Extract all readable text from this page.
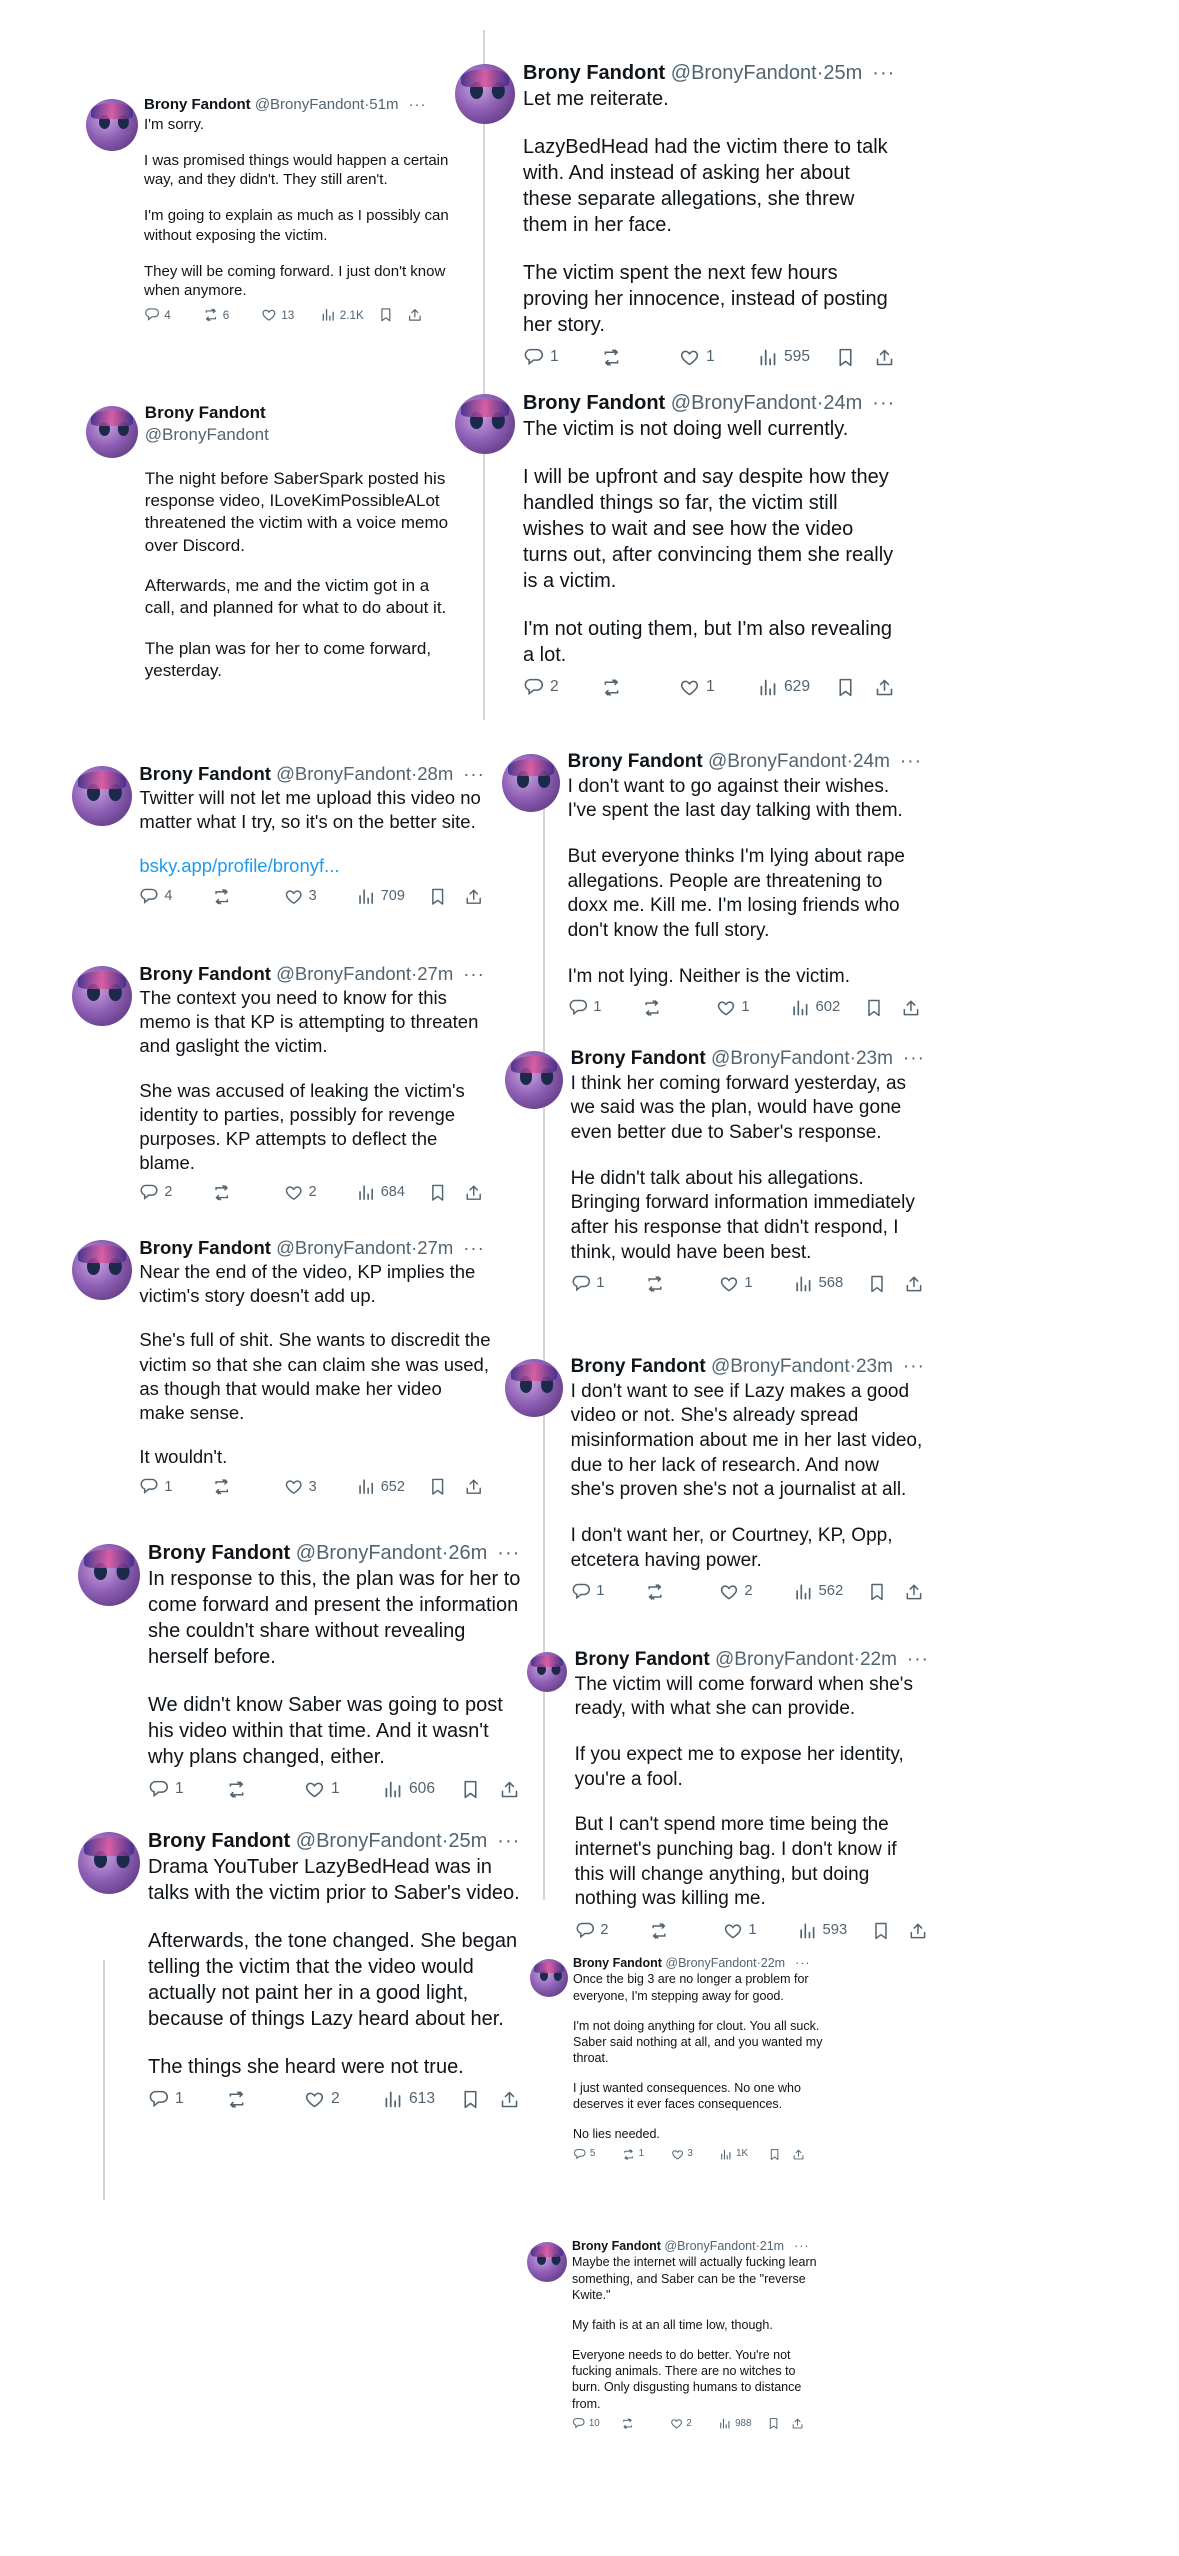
Brony Fandont @BronyFandont·51m ···

I'm sorry.

I was promised things would happen a certain way, and they didn't. They still aren't.

I'm going to explain as much as I possibly can without exposing the victim.

They will be coming forward. I just don't know when anymore.

4	6	13	2.1K
Brony Fandont
@BronyFandont

The night before SaberSpark posted his response video, ILoveKimPossibleALot threatened the victim with a voice memo over Discord.

Afterwards, me and the victim got in a call, and planned for what to do about it.

The plan was for her to come forward, yesterday.

Brony Fandont @BronyFandont·28m ···

Twitter will not let me upload this video no matter what I try, so it's on the better site.

bsky.app/profile/bronyf...

4	3	709
Brony Fandont @BronyFandont·27m ···

The context you need to know for this memo is that KP is attempting to threaten and gaslight the victim.

She was accused of leaking the victim's identity to parties, possibly for revenge purposes. KP attempts to deflect the blame.

2	2	684
Brony Fandont @BronyFandont·27m ···

Near the end of the video, KP implies the victim's story doesn't add up.

She's full of shit. She wants to discredit the victim so that she can claim she was used, as though that would make her video make sense.

It wouldn't.

1	3	652
Brony Fandont @BronyFandont·26m ···

In response to this, the plan was for her to come forward and present the information she couldn't share without revealing herself before.

We didn't know Saber was going to post his video within that time. And it wasn't why plans changed, either.

1	1	606
Brony Fandont @BronyFandont·25m ···

Drama YouTuber LazyBedHead was in talks with the victim prior to Saber's video.

Afterwards, the tone changed. She began telling the victim that the video would actually not paint her in a good light, because of things Lazy heard about her.

The things she heard were not true.

1	2	613
Brony Fandont @BronyFandont·25m ···

Let me reiterate.

LazyBedHead had the victim there to talk with. And instead of asking her about these separate allegations, she threw them in her face.

The victim spent the next few hours proving her innocence, instead of posting her story.

1	1	595
Brony Fandont @BronyFandont·24m ···

The victim is not doing well currently.

I will be upfront and say despite how they handled things so far, the victim still wishes to wait and see how the video turns out, after convincing them she really is a victim.

I'm not outing them, but I'm also revealing a lot.

2	1	629
Brony Fandont @BronyFandont·24m ···

I don't want to go against their wishes. I've spent the last day talking with them.

But everyone thinks I'm lying about rape allegations. People are threatening to doxx me. Kill me. I'm losing friends who don't know the full story.

I'm not lying. Neither is the victim.

1	1	602
Brony Fandont @BronyFandont·23m ···

I think her coming forward yesterday, as we said was the plan, would have gone even better due to Saber's response.

He didn't talk about his allegations. Bringing forward information immediately after his response that didn't respond, I think, would have been best.

1	1	568
Brony Fandont @BronyFandont·23m ···

I don't want to see if Lazy makes a good video or not. She's already spread misinformation about me in her last video, due to her lack of research. And now she's proven she's not a journalist at all.

I don't want her, or Courtney, KP, Opp, etcetera having power.

1	2	562
Brony Fandont @BronyFandont·22m ···

The victim will come forward when she's ready, with what she can provide.

If you expect me to expose her identity, you're a fool.

But I can't spend more time being the internet's punching bag. I don't know if this will change anything, but doing nothing was killing me.

2	1	593
Brony Fandont @BronyFandont·22m ···

Once the big 3 are no longer a problem for everyone, I'm stepping away for good.

I'm not doing anything for clout. You all suck. Saber said nothing at all, and you wanted my throat.

I just wanted consequences. No one who deserves it ever faces consequences.

No lies needed.

5	1	3	1K
Brony Fandont @BronyFandont·21m ···

Maybe the internet will actually fucking learn something, and Saber can be the "reverse Kwite."

My faith is at an all time low, though.

Everyone needs to do better. You're not fucking animals. There are no witches to burn. Only disgusting humans to distance from.

10	2	988
